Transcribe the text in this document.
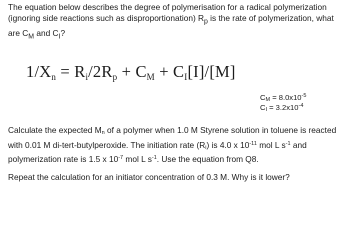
The equation below describes the degree of polymerisation for a radical polymerization (ignoring side reactions such as disproportionation) $R_p$ is the rate of polymerization, what are $C_M$ and $C_I$?

$1/X_n = R_i/2R_p + C_M + C_I[I]/[M]$
$C_M = 8.0x10^{-5}$
$C_I = 3.2x10^{-4}$

Calculate the expected $M_n$ of a polymer when 1.0 M Styrene solution in toluene is reacted with 0.01 M di-tert-butylperoxide. The initiation rate $(R_i)$ is 4.0 x $10^{-11}$ mol L $s^{-1}$ and polymerization rate is 1.5 x $10^{-7}$ mol L $s^{-1}$. Use the equation from Q8.

Repeat the calculation for an initiator concentration of 0.3 M. Why is it lower?
